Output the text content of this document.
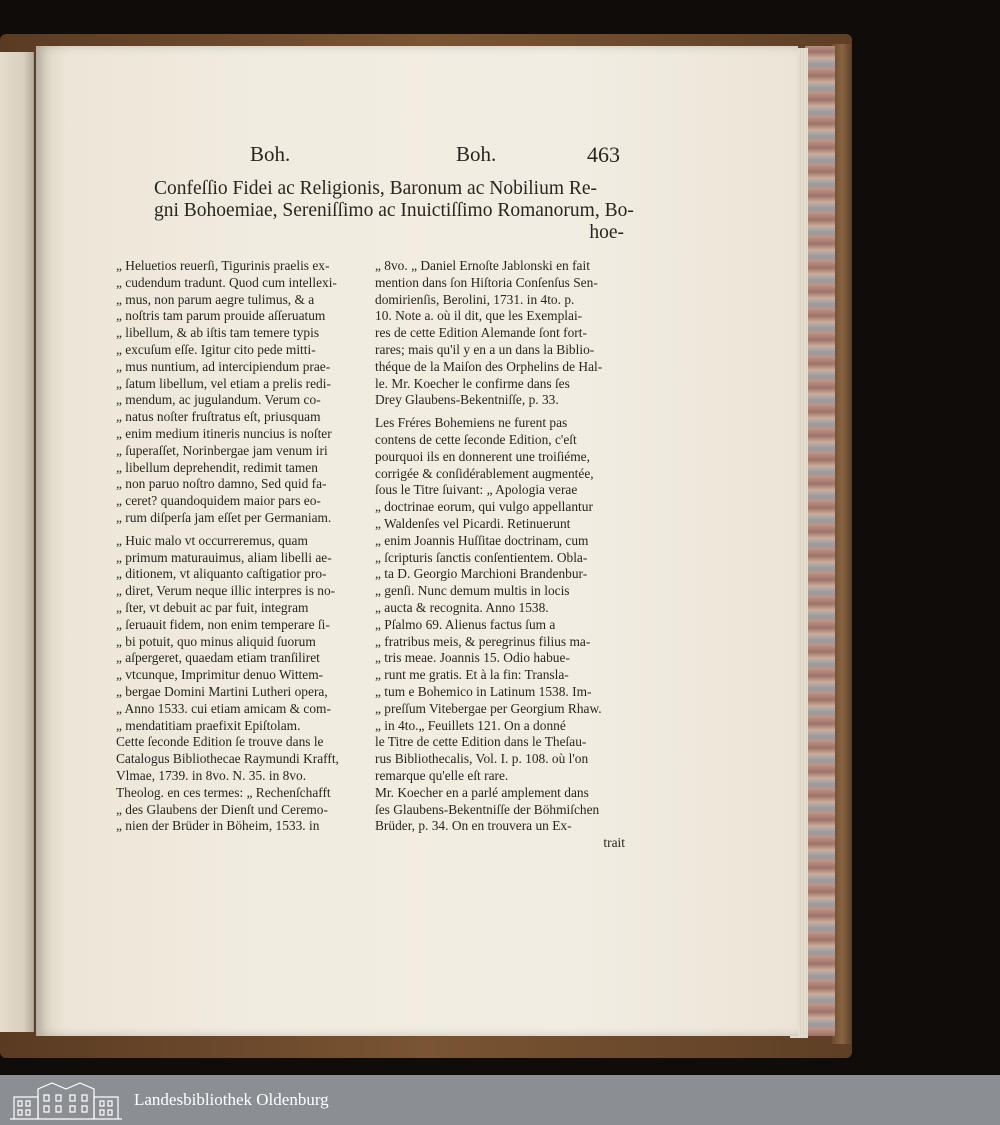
Boh.	Boh.	463
Confeſſio Fidei ac Religionis, Baronum ac Nobilium Re-
gni Bohoemiae, Sereniſſimo ac Inuictiſſimo Romanorum, Bo-
hoe-
„ Heluetios reuerſi, Tigurinis praelis ex-
„ cudendum tradunt. Quod cum intellexi-
„ mus, non parum aegre tulimus, & a
„ noſtris tam parum prouide aſſeruatum
„ libellum, & ab iſtis tam temere typis
„ excuſum eſſe. Igitur cito pede mitti-
„ mus nuntium, ad intercipiendum prae-
„ ſatum libellum, vel etiam a prelis redi-
„ mendum, ac jugulandum. Verum co-
„ natus noſter fruſtratus eſt, priusquam
„ enim medium itineris nuncius is noſter
„ ſuperaſſet, Norinbergae jam venum iri
„ libellum deprehendit, redimit tamen
„ non paruo noſtro damno, Sed quid fa-
„ ceret? quandoquidem maior pars eo-
„ rum diſperſa jam eſſet per Germaniam.
„ Huic malo vt occurreremus, quam
„ primum maturauimus, aliam libelli ae-
„ ditionem, vt aliquanto caſtigatior pro-
„ diret, Verum neque illic interpres is no-
„ ſter, vt debuit ac par fuit, integram
„ ſeruauit fidem, non enim temperare ſi-
„ bi potuit, quo minus aliquid ſuorum
„ aſpergeret, quaedam etiam tranſiliret
„ vtcunque, Imprimitur denuo Wittem-
„ bergae Domini Martini Lutheri opera,
„ Anno 1533. cui etiam amicam & com-
„ mendatitiam praefixit Epiſtolam.
Cette ſeconde Edition ſe trouve dans le
Catalogus Bibliothecae Raymundi Krafft,
Vlmae, 1739. in 8vo. N. 35. in 8vo.
Theolog. en ces termes: „ Rechenſchafft
„ des Glaubens der Dienſt und Ceremo-
„ nien der Brüder in Böheim, 1533. in
„ 8vo. „ Daniel Ernoſte Jablonski en fait
mention dans ſon Hiſtoria Conſenſus Sen-
domirienſis, Berolini, 1731. in 4to. p.
10. Note a. où il dit, que les Exemplai-
res de cette Edition Alemande ſont fort-
rares; mais qu'il y en a un dans la Biblio-
théque de la Maiſon des Orphelins de Hal-
le. Mr. Koecher le confirme dans ſes
Drey Glaubens-Bekentniſſe, p. 33.
Les Fréres Bohemiens ne furent pas
contens de cette ſeconde Edition, c'eſt
pourquoi ils en donnerent une troiſiéme,
corrigée & conſidérablement augmentée,
ſous le Titre ſuivant: „ Apologia verae
„ doctrinae eorum, qui vulgo appellantur
„ Waldenſes vel Picardi. Retinuerunt
„ enim Joannis Huſſitae doctrinam, cum
„ ſcripturis ſanctis conſentientem. Obla-
„ ta D. Georgio Marchioni Brandenbur-
„ genſi. Nunc demum multis in locis
„ aucta & recognita. Anno 1538.
„ Pſalmo 69. Alienus factus ſum a
„ fratribus meis, & peregrinus filius ma-
„ tris meae. Joannis 15. Odio habue-
„ runt me gratis. Et à la fin: Transla-
„ tum e Bohemico in Latinum 1538. Im-
„ preſſum Vitebergae per Georgium Rhaw.
„ in 4to.„ Feuillets 121. On a donné
le Titre de cette Edition dans le Theſau-
rus Bibliothecalis, Vol. I. p. 108. où l'on
remarque qu'elle eſt rare.
Mr. Koecher en a parlé amplement dans
ſes Glaubens-Bekentniſſe der Böhmiſchen
Brüder, p. 34. On en trouvera un Ex-
trait
Landesbibliothek Oldenburg
